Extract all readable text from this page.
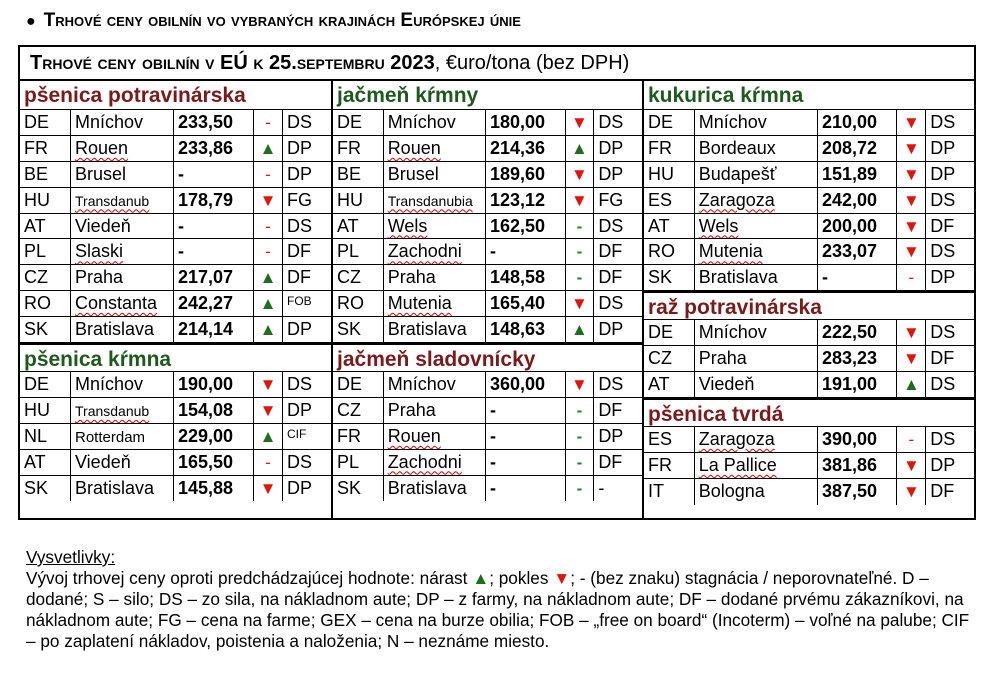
● Trhové ceny obilnín vo vybraných krajinách Európskej únie
Trhové ceny obilnín v EÚ k 25.septembru 2023, €uro/tona (bez DPH)
pšenica potravinárska
DE	Mníchov	233,50	- DS
FR	Rouen	233,86	▲ DP
BE	Brusel	-	- DP
HU	Transdanub	178,79	▼ FG
AT	Viedeň	-	- DS
PL	Slaski	-	- DF
CZ	Praha	217,07	▲ DF
RO	Constanta	242,27	▲ $^{FOB}$
SK	Bratislava	214,14	▲ DP
pšenica kŕmna
DE	Mníchov	190,00	▼ DS
HU	Transdanub	154,08	▼ DP
NL	Rotterdam	229,00	▲ $^{CIF}$
AT	Viedeň	165,50	- DS
SK	Bratislava	145,88	▼ DP
jačmeň kŕmny
DE	Mníchov	180,00	▼ DS
FR	Rouen	214,36	▲ DP
BE	Brusel	189,60	▼ DP
HU	Transdanubia 123,12	▼ FG
AT	Wels	162,50	- DS
PL	Zachodni	-	- DF
CZ	Praha	148,58	- DF
RO	Mutenia	165,40	▼ DS
SK	Bratislava	148,63	▲ DP
jačmeň sladovnícky
DE	Mníchov	360,00	▼ DS
CZ	Praha	-	- DF
FR	Rouen	-	- DP
PL	Zachodni	-	- DF
SK	Bratislava	-	- -
kukurica kŕmna
DE	Mníchov	210,00	▼ DS
FR	Bordeaux	208,72	▼ DP
HU	Budapešť	151,89	▼ DP
ES	Zaragoza	242,00	▼ DS
AT	Wels	200,00	▼ DF
RO	Mutenia	233,07	▼ DS
SK	Bratislava	-	- DP
raž potravinárska
DE	Mníchov	222,50	▼ DS
CZ	Praha	283,23	▼ DF
AT	Viedeň	191,00	▲ DS
pšenica tvrdá
ES	Zaragoza	390,00	- DS
FR	La Pallice	381,86	▼ DP
IT	Bologna	387,50	▼ DF
Vysvetlivky:
Vývoj trhovej ceny oproti predchádzajúcej hodnote: nárast ▲; pokles ▼; - (bez znaku) stagnácia / neporovnateľné. D – dodané; S – silo; DS – zo sila, na nákladnom aute; DP – z farmy, na nákladnom aute; DF – dodané prvému zákazníkovi, na nákladnom aute; FG – cena na farme; GEX – cena na burze obilia; FOB – „free on board“ (Incoterm) – voľné na palube; CIF – po zaplatení nákladov, poistenia a naloženia; N – neznáme miesto.
